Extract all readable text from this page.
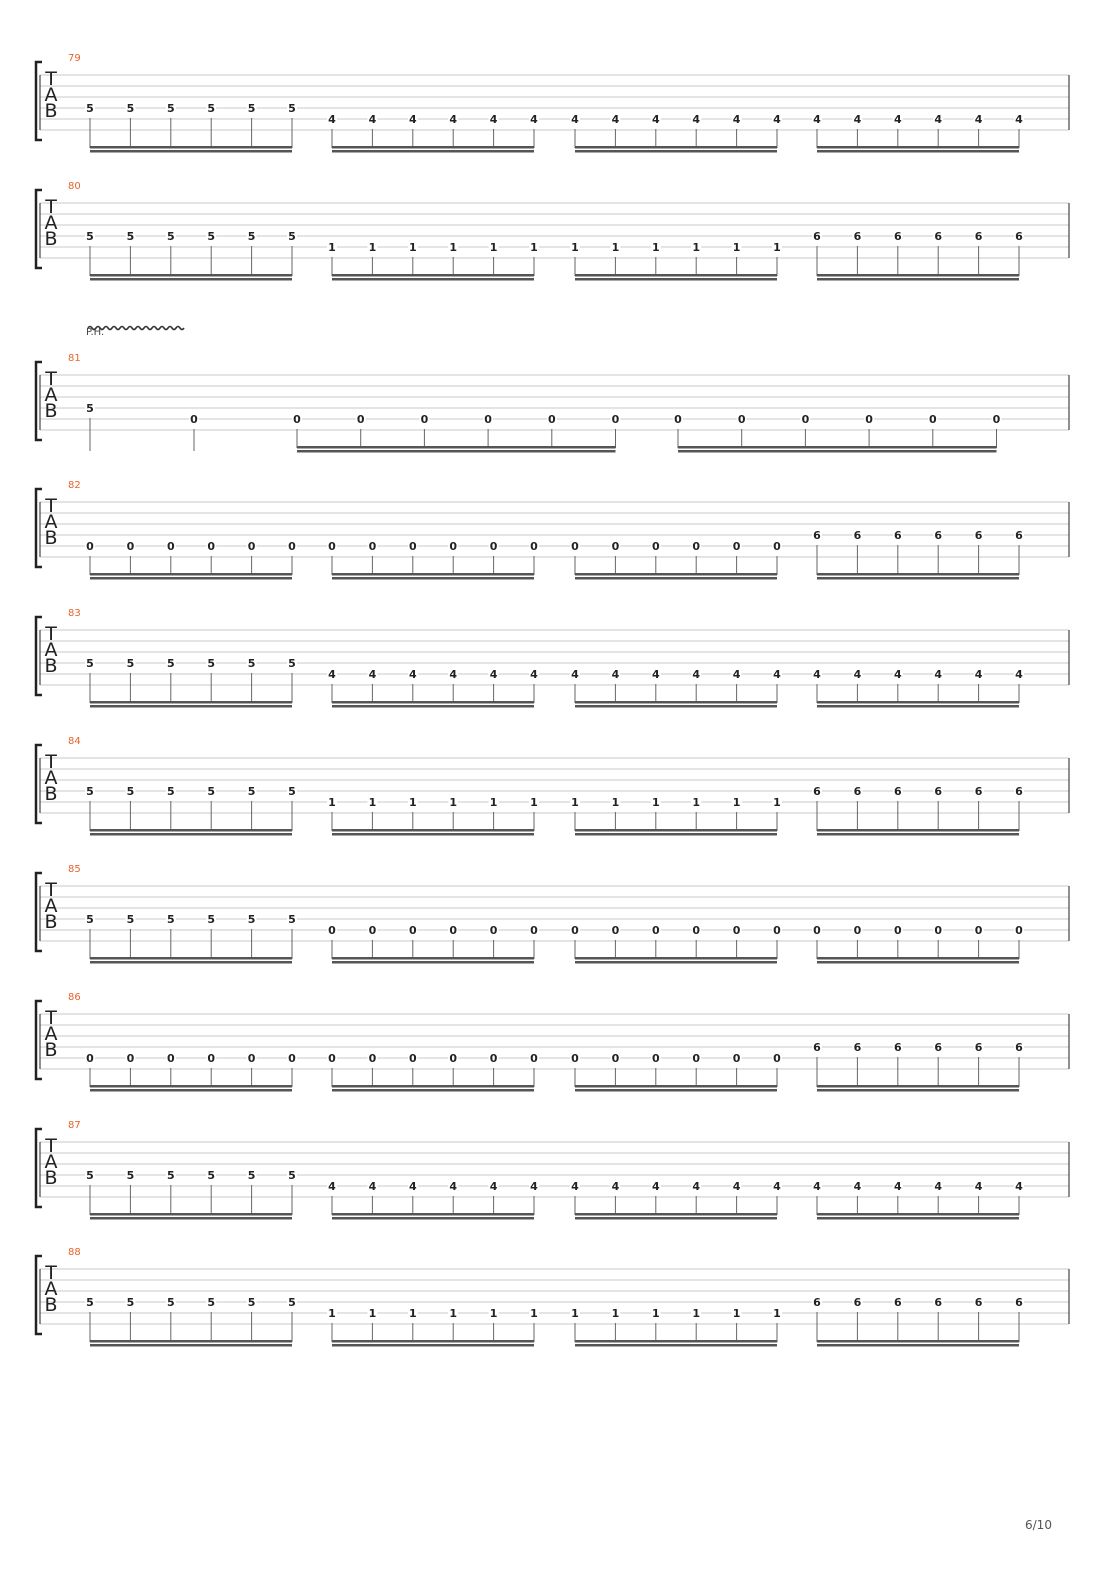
T
A
B
79
5	5	5	5	5	5
4	4	4	4	4	4	4	4	4	4	4	4	4	4	4	4	4	4
T
A
B
80
5	5	5	5	5	5
1	1	1	1	1	1	1	1	1	1	1	1
6	6	6	6	6	6
T
A
B
81
P.H.
5
0	0	0	0	0	0	0	0	0	0	0	0	0
T
A
B
82
0	0	0	0	0	0	0	0	0	0	0	0	0	0	0	0	0	0
6	6	6	6	6	6
T
A
B
83
5	5	5	5	5	5
4	4	4	4	4	4	4	4	4	4	4	4	4	4	4	4	4	4
T
A
B
84
5	5	5	5	5	5
1	1	1	1	1	1	1	1	1	1	1	1
6	6	6	6	6	6
T
A
B
85
5	5	5	5	5	5
0	0	0	0	0	0	0	0	0	0	0	0	0	0	0	0	0	0
T
A
B
86
0	0	0	0	0	0	0	0	0	0	0	0	0	0	0	0	0	0
6	6	6	6	6	6
T
A
B
87
5	5	5	5	5	5
4	4	4	4	4	4	4	4	4	4	4	4	4	4	4	4	4	4
T
A
B
88
5	5	5	5	5	5
1	1	1	1	1	1	1	1	1	1	1	1
6	6	6	6	6	6
6/10
